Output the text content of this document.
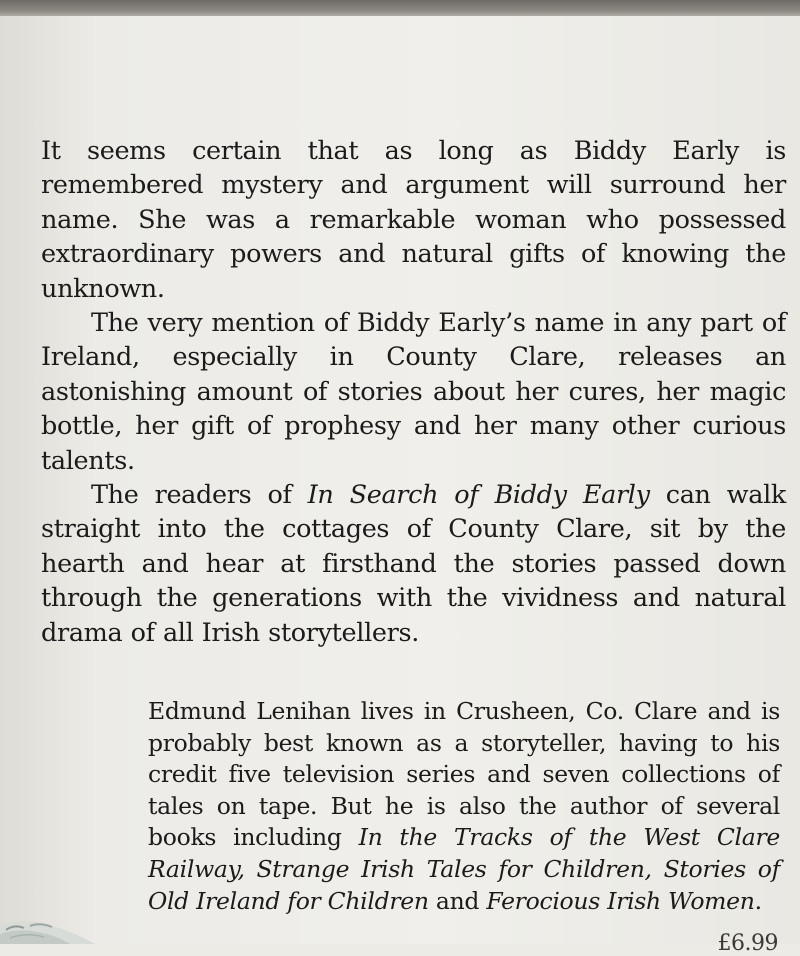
It seems certain that as long as Biddy Early is remembered mystery and argument will surround her name. She was a remarkable woman who possessed extraordinary powers and natural gifts of knowing the unknown.

The very mention of Biddy Early’s name in any part of Ireland, especially in County Clare, releases an astonishing amount of stories about her cures, her magic bottle, her gift of prophesy and her many other curious talents.

The readers of In Search of Biddy Early can walk straight into the cottages of County Clare, sit by the hearth and hear at firsthand the stories passed down through the generations with the vividness and natural drama of all Irish storytellers.

Edmund Lenihan lives in Crusheen, Co. Clare and is probably best known as a storyteller, having to his credit five television series and seven collections of tales on tape. But he is also the author of several books including In the Tracks of the West Clare Railway, Strange Irish Tales for Children, Stories of Old Ireland for Children and Ferocious Irish Women.

£6.99
